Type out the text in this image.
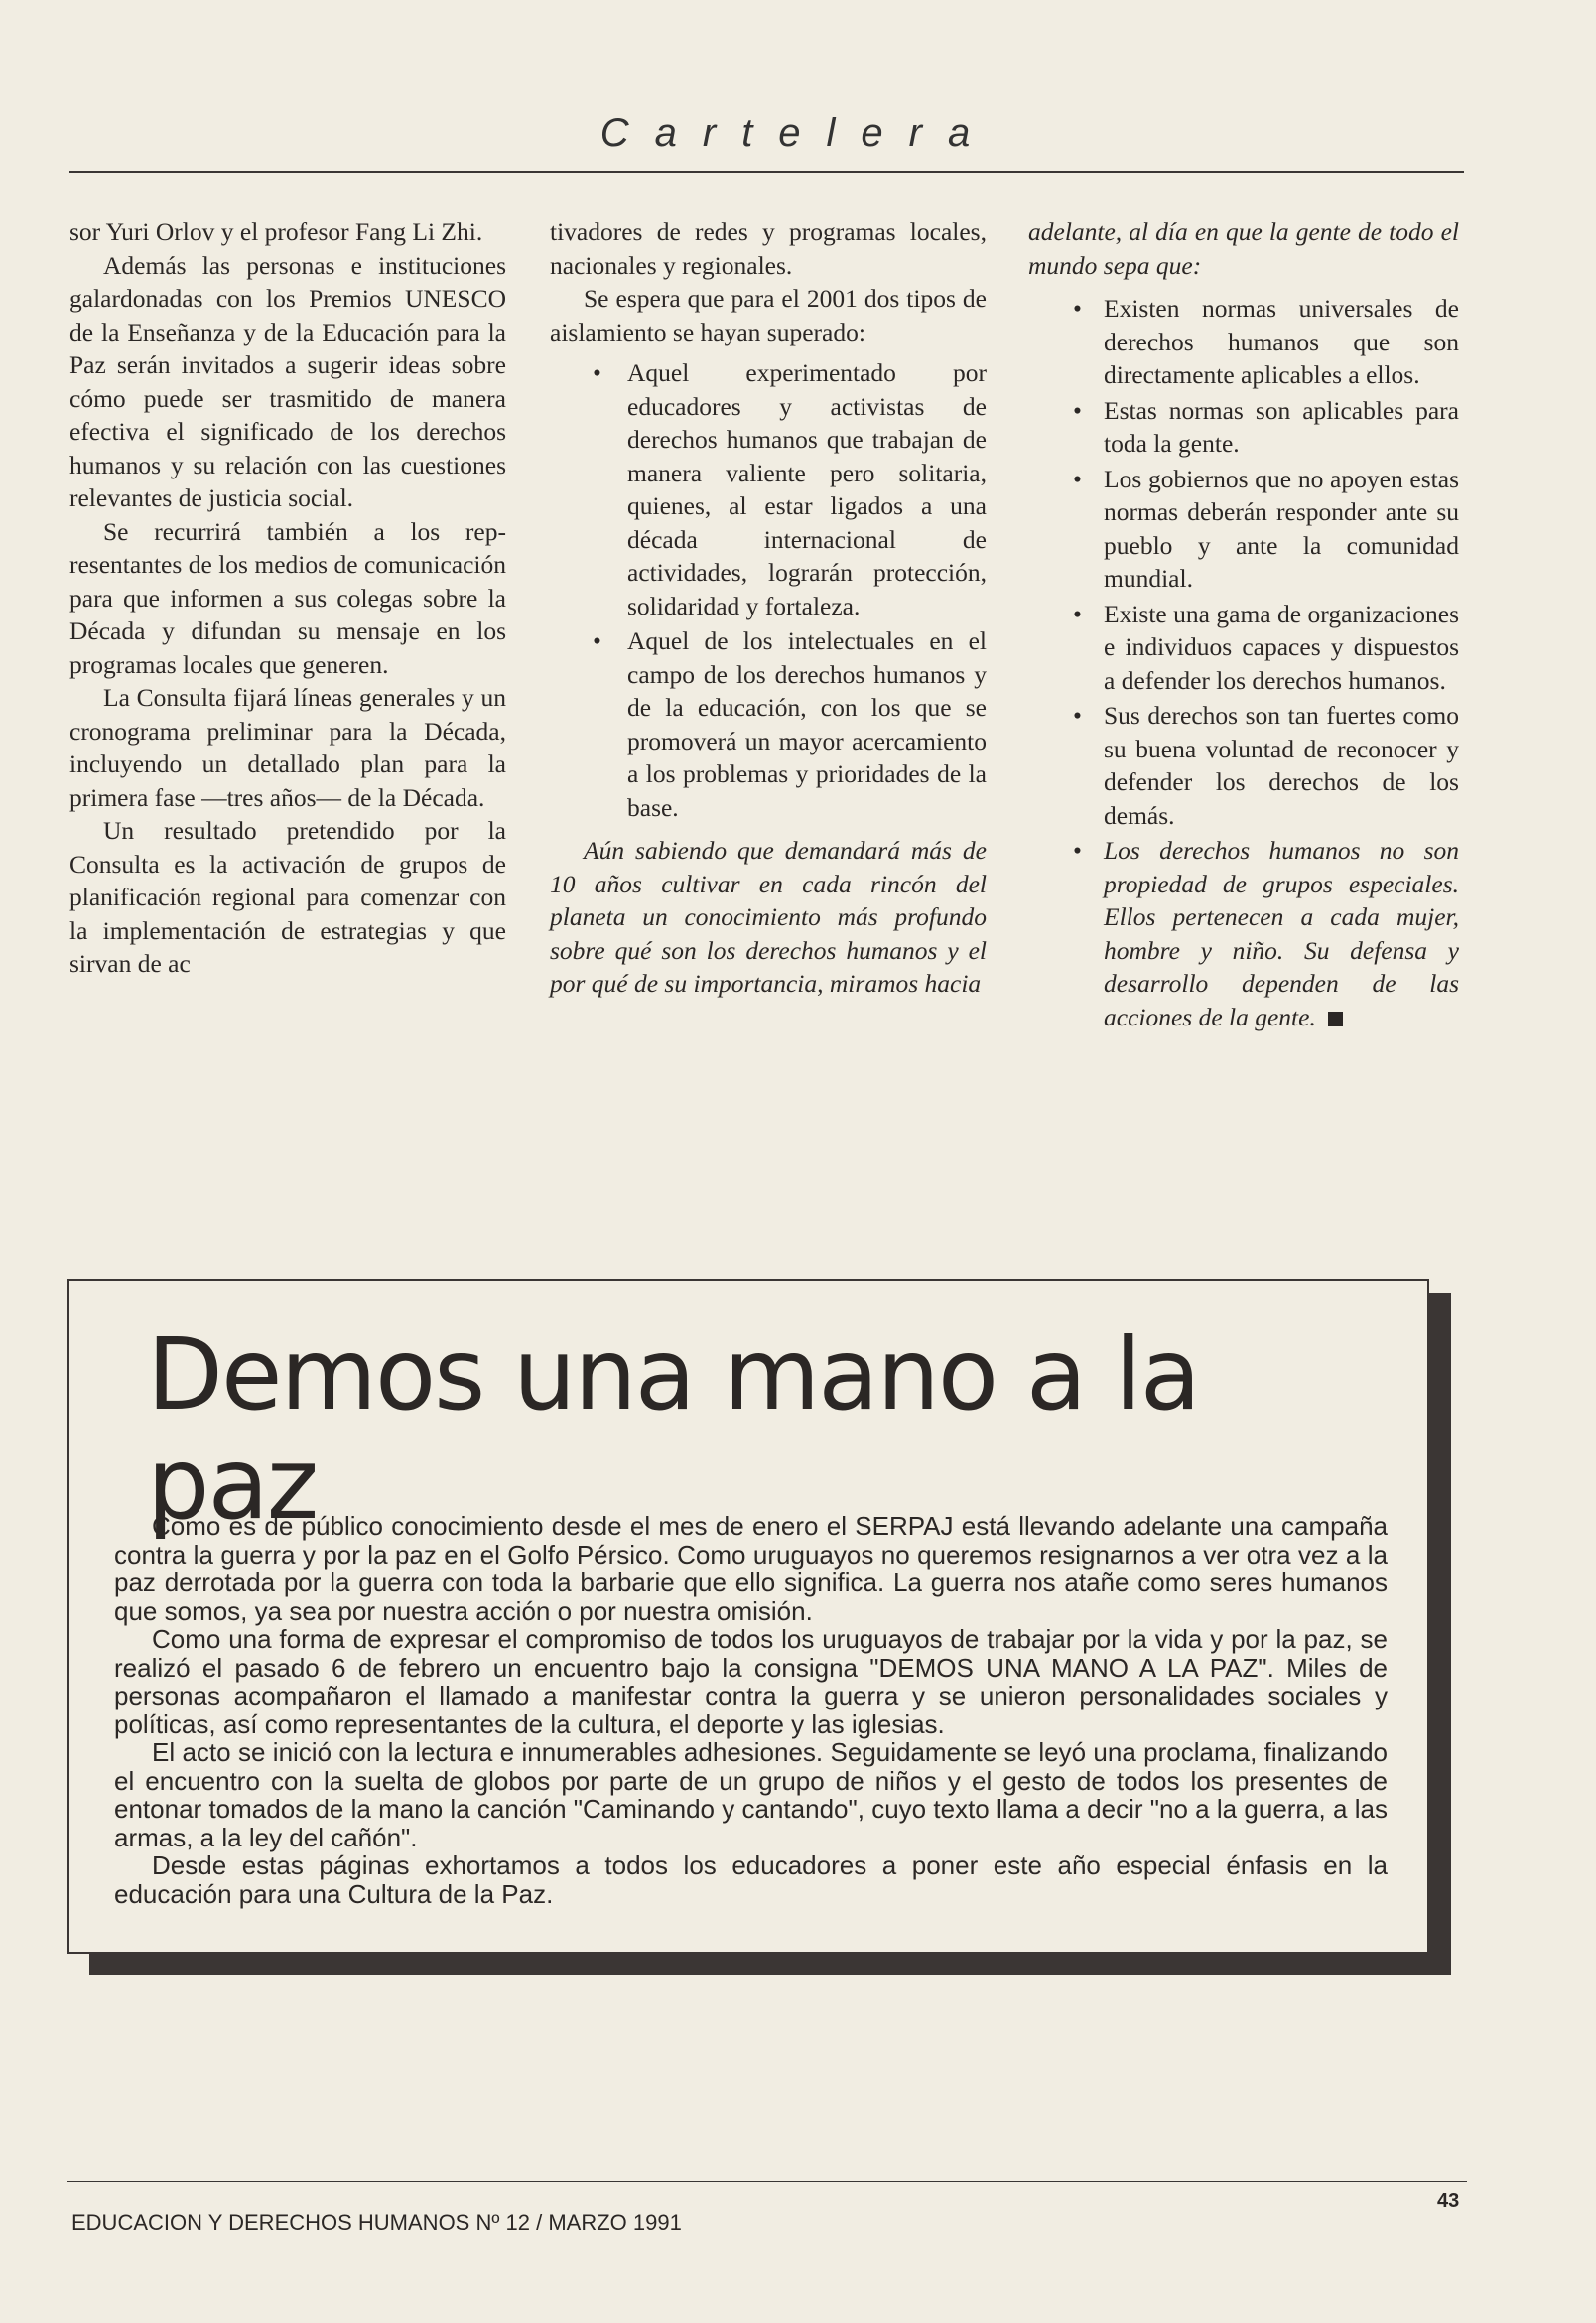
Cartelera

sor Yuri Orlov y el profesor Fang Li Zhi.

Además las personas e instituciones galardonadas con los Premios UNESCO de la Enseñanza y de la Educación para la Paz serán invitados a sugerir ideas sobre cómo puede ser trasmitido de manera efectiva el significado de los derechos humanos y su relación con las cuestiones relevantes de justicia social.

Se recurrirá también a los representantes de los medios de comunicación para que informen a sus colegas sobre la Década y difundan su mensaje en los programas locales que generen.

La Consulta fijará líneas generales y un cronograma preliminar para la Década, incluyendo un detallado plan para la primera fase —tres años— de la Década.

Un resultado pretendido por la Consulta es la activación de grupos de planificación regional para comenzar con la implementación de estrategias y que sirvan de ac

tivadores de redes y programas locales, nacionales y regionales.

Se espera que para el 2001 dos tipos de aislamiento se hayan superado:

• Aquel experimentado por educadores y activistas de derechos humanos que trabajan de manera valiente pero solitaria, quienes, al estar ligados a una década internacional de actividades, lograrán protección, solidaridad y fortaleza.
• Aquel de los intelectuales en el campo de los derechos humanos y de la educación, con los que se promoverá un mayor acercamiento a los problemas y prioridades de la base.

Aún sabiendo que demandará más de 10 años cultivar en cada rincón del planeta un conocimiento más profundo sobre qué son los derechos humanos y el por qué de su importancia, miramos hacia

adelante, al día en que la gente de todo el mundo sepa que:

• Existen normas universales de derechos humanos que son directamente aplicables a ellos.
• Estas normas son aplicables para toda la gente.
• Los gobiernos que no apoyen estas normas deberán responder ante su pueblo y ante la comunidad mundial.
• Existe una gama de organizaciones e individuos capaces y dispuestos a defender los derechos humanos.
• Sus derechos son tan fuertes como su buena voluntad de reconocer y defender los derechos de los demás.
• Los derechos humanos no son propiedad de grupos especiales. Ellos pertenecen a cada mujer, hombre y niño. Su defensa y desarrollo dependen de las acciones de la gente.
Demos una mano a la paz

Como es de público conocimiento desde el mes de enero el SERPAJ está llevando adelante una campaña contra la guerra y por la paz en el Golfo Pérsico. Como uruguayos no queremos resignarnos a ver otra vez a la paz derrotada por la guerra con toda la barbarie que ello significa. La guerra nos atañe como seres humanos que somos, ya sea por nuestra acción o por nuestra omisión.

Como una forma de expresar el compromiso de todos los uruguayos de trabajar por la vida y por la paz, se realizó el pasado 6 de febrero un encuentro bajo la consigna "DEMOS UNA MANO A LA PAZ". Miles de personas acompañaron el llamado a manifestar contra la guerra y se unieron personalidades sociales y políticas, así como representantes de la cultura, el deporte y las iglesias.

El acto se inició con la lectura e innumerables adhesiones. Seguidamente se leyó una proclama, finalizando el encuentro con la suelta de globos por parte de un grupo de niños y el gesto de todos los presentes de entonar tomados de la mano la canción "Caminando y cantando", cuyo texto llama a decir "no a la guerra, a las armas, a la ley del cañón".

Desde estas páginas exhortamos a todos los educadores a poner este año especial énfasis en la educación para una Cultura de la Paz.

EDUCACION Y DERECHOS HUMANOS Nº 12 / MARZO 1991
43
